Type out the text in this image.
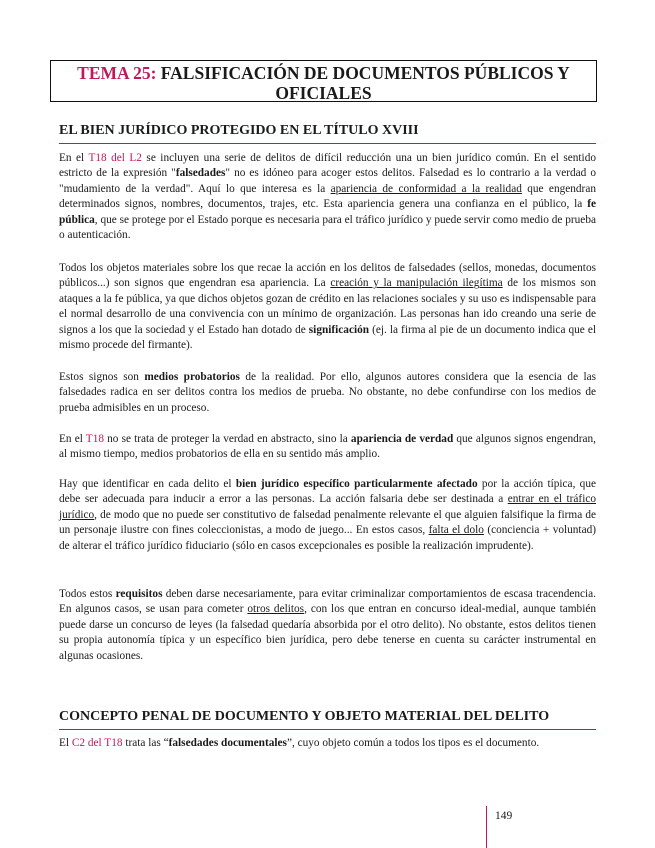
TEMA 25: FALSIFICACIÓN DE DOCUMENTOS PÚBLICOS Y OFICIALES
EL BIEN JURÍDICO PROTEGIDO EN EL TÍTULO XVIII

En el T18 del L2 se incluyen una serie de delitos de difícil reducción una un bien jurídico común. En el sentido estricto de la expresión "falsedades" no es idóneo para acoger estos delitos. Falsedad es lo contrario a la verdad o "mudamiento de la verdad". Aquí lo que interesa es la apariencia de conformidad a la realidad que engendran determinados signos, nombres, documentos, trajes, etc. Esta apariencia genera una confianza en el público, la fe pública, que se protege por el Estado porque es necesaria para el tráfico jurídico y puede servir como medio de prueba o autenticación.

Todos los objetos materiales sobre los que recae la acción en los delitos de falsedades (sellos, monedas, documentos públicos...) son signos que engendran esa apariencia. La creación y la manipulación ilegítima de los mismos son ataques a la fe pública, ya que dichos objetos gozan de crédito en las relaciones sociales y su uso es indispensable para el normal desarrollo de una convivencia con un mínimo de organización. Las personas han ido creando una serie de signos a los que la sociedad y el Estado han dotado de significación (ej. la firma al pie de un documento indica que el mismo procede del firmante).

Estos signos son medios probatorios de la realidad. Por ello, algunos autores considera que la esencia de las falsedades radica en ser delitos contra los medios de prueba. No obstante, no debe confundirse con los medios de prueba admisibles en un proceso.

En el T18 no se trata de proteger la verdad en abstracto, sino la apariencia de verdad que algunos signos engendran, al mismo tiempo, medios probatorios de ella en su sentido más amplio.

Hay que identificar en cada delito el bien jurídico específico particularmente afectado por la acción típica, que debe ser adecuada para inducir a error a las personas. La acción falsaria debe ser destinada a entrar en el tráfico jurídico, de modo que no puede ser constitutivo de falsedad penalmente relevante el que alguien falsifique la firma de un personaje ilustre con fines coleccionistas, a modo de juego... En estos casos, falta el dolo (conciencia + voluntad) de alterar el tráfico jurídico fiduciario (sólo en casos excepcionales es posible la realización imprudente).

Todos estos requisitos deben darse necesariamente, para evitar criminalizar comportamientos de escasa tracendencia. En algunos casos, se usan para cometer otros delitos, con los que entran en concurso ideal-medial, aunque también puede darse un concurso de leyes (la falsedad quedaría absorbida por el otro delito). No obstante, estos delitos tienen su propia autonomía típica y un específico bien jurídica, pero debe tenerse en cuenta su carácter instrumental en algunas ocasiones.

CONCEPTO PENAL DE DOCUMENTO Y OBJETO MATERIAL DEL DELITO

El C2 del T18 trata las “falsedades documentales”, cuyo objeto común a todos los tipos es el documento.

149
